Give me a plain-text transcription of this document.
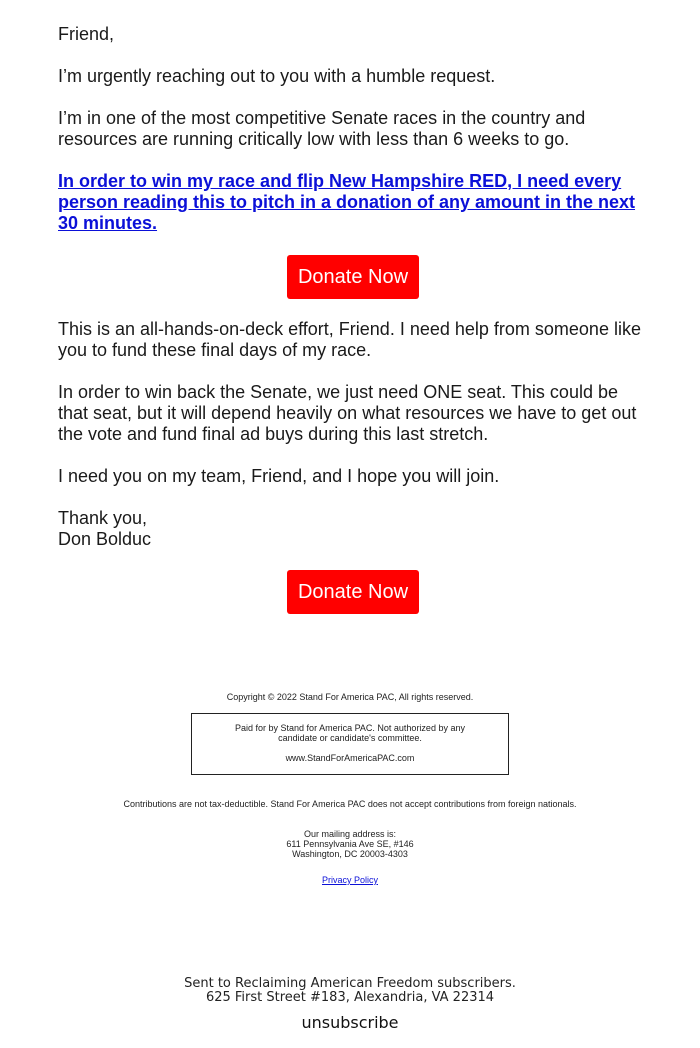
Friend,

I’m urgently reaching out to you with a humble request.

I’m in one of the most competitive Senate races in the country and resources are running critically low with less than 6 weeks to go.

In order to win my race and flip New Hampshire RED, I need every person reading this to pitch in a donation of any amount in the next 30 minutes.

Donate Now

This is an all-hands-on-deck effort, Friend. I need help from someone like you to fund these final days of my race.

In order to win back the Senate, we just need ONE seat. This could be that seat, but it will depend heavily on what resources we have to get out the vote and fund final ad buys during this last stretch.

I need you on my team, Friend, and I hope you will join.

Thank you,

Don Bolduc

Donate Now
Copyright © 2022 Stand For America PAC, All rights reserved.
Paid for by Stand for America PAC. Not authorized by any
candidate or candidate's committee.
www.StandForAmericaPAC.com
Contributions are not tax-deductible. Stand For America PAC does not accept contributions from foreign nationals.
Our mailing address is:
611 Pennsylvania Ave SE, #146
Washington, DC 20003-4303
Privacy Policy
Sent to Reclaiming American Freedom subscribers.
625 First Street #183, Alexandria, VA 22314
unsubscribe
